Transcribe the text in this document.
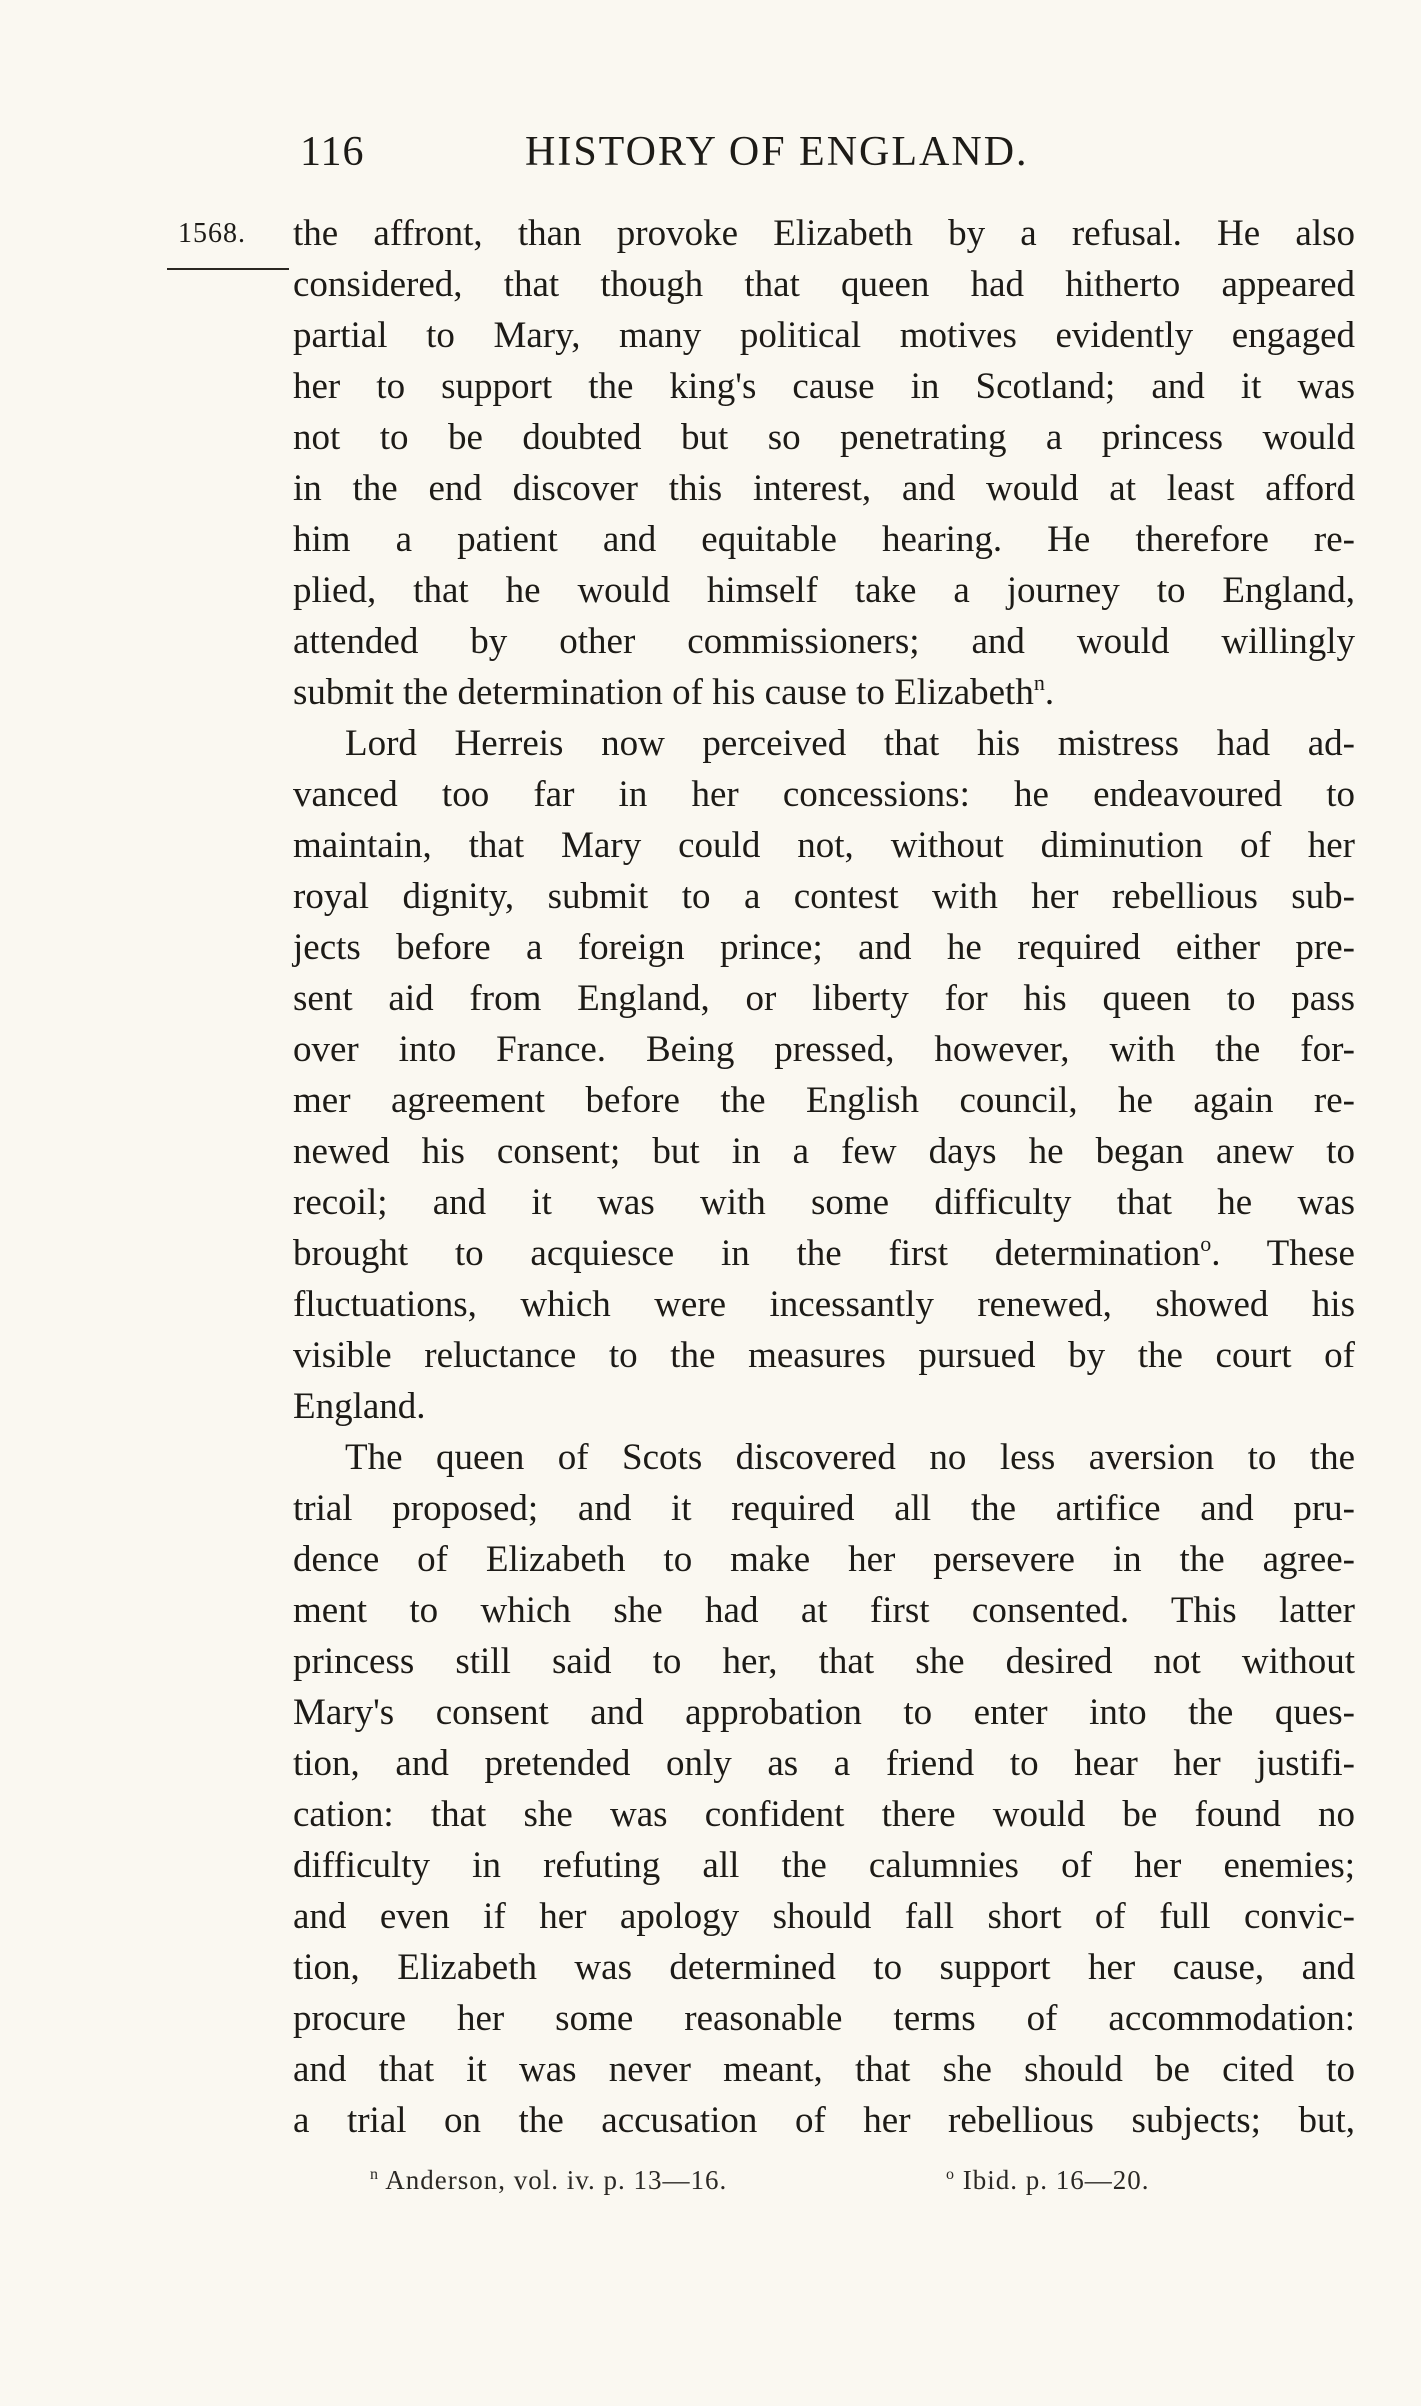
116	HISTORY OF ENGLAND.
1568. the affront, than provoke Elizabeth by a refusal. He also
considered, that though that queen had hitherto appeared
partial to Mary, many political motives evidently engaged
her to support the king's cause in Scotland; and it was
not to be doubted but so penetrating a princess would
in the end discover this interest, and would at least afford
him a patient and equitable hearing. He therefore re-
plied, that he would himself take a journey to England,
attended by other commissioners; and would willingly
submit the determination of his cause to Elizabeth$^n$.
Lord Herreis now perceived that his mistress had ad-
vanced too far in her concessions: he endeavoured to
maintain, that Mary could not, without diminution of her
royal dignity, submit to a contest with her rebellious sub-
jects before a foreign prince; and he required either pre-
sent aid from England, or liberty for his queen to pass
over into France. Being pressed, however, with the for-
mer agreement before the English council, he again re-
newed his consent; but in a few days he began anew to
recoil; and it was with some difficulty that he was
brought to acquiesce in the first determination$^o$. These
fluctuations, which were incessantly renewed, showed his
visible reluctance to the measures pursued by the court of
England.
The queen of Scots discovered no less aversion to the
trial proposed; and it required all the artifice and pru-
dence of Elizabeth to make her persevere in the agree-
ment to which she had at first consented. This latter
princess still said to her, that she desired not without
Mary's consent and approbation to enter into the ques-
tion, and pretended only as a friend to hear her justifi-
cation: that she was confident there would be found no
difficulty in refuting all the calumnies of her enemies;
and even if her apology should fall short of full convic-
tion, Elizabeth was determined to support her cause, and
procure her some reasonable terms of accommodation:
and that it was never meant, that she should be cited to
a trial on the accusation of her rebellious subjects; but,
$^n$ Anderson, vol. iv. p. 13—16.	$^o$ Ibid. p. 16—20.
